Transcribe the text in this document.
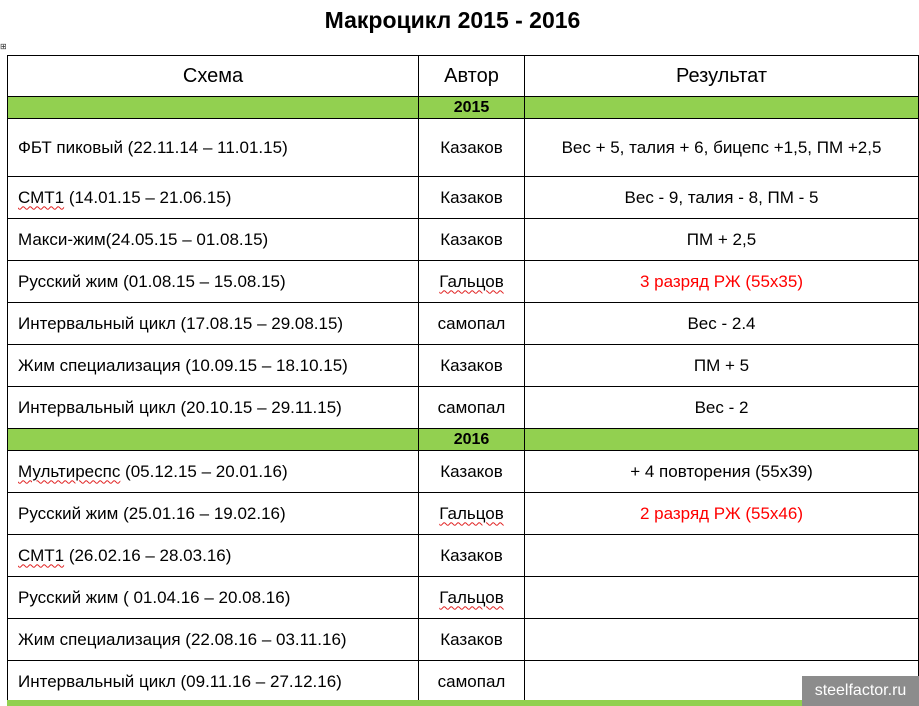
Макроцикл 2015 - 2016
⊞
Схема	Автор	Результат
	2015	
ФБТ пиковый (22.11.14 – 11.01.15)	Казаков	Вес + 5, талия + 6, бицепс +1,5, ПМ +2,5
СМТ1 (14.01.15 – 21.06.15)	Казаков	Вес - 9, талия - 8, ПМ - 5
Макси-жим(24.05.15 – 01.08.15)	Казаков	ПМ + 2,5
Русский жим (01.08.15 – 15.08.15)	Гальцов	3 разряд РЖ (55х35)
Интервальный цикл (17.08.15 – 29.08.15)	самопал	Вес - 2.4
Жим специализация (10.09.15 – 18.10.15)	Казаков	ПМ + 5
Интервальный цикл (20.10.15 – 29.11.15)	самопал	Вес - 2
	2016	
Мультиреспс (05.12.15 – 20.01.16)	Казаков	+ 4 повторения (55х39)
Русский жим (25.01.16 – 19.02.16)	Гальцов	2 разряд РЖ (55х46)
СМТ1 (26.02.16 – 28.03.16)	Казаков	
Русский жим ( 01.04.16 – 20.08.16)	Гальцов	
Жим специализация (22.08.16 – 03.11.16)	Казаков	
Интервальный цикл (09.11.16 – 27.12.16)	самопал		steelfactor.ru
